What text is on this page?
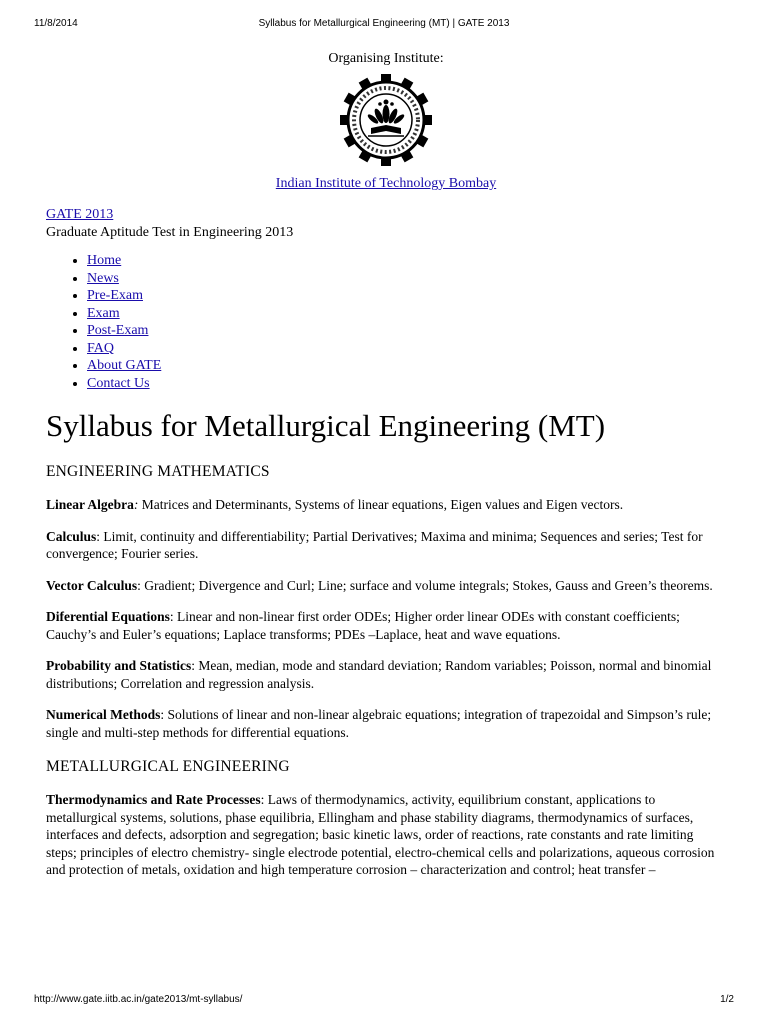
11/8/2014	Syllabus for Metallurgical Engineering (MT) | GATE 2013
Organising Institute:
Indian Institute of Technology Bombay
GATE 2013
Graduate Aptitude Test in Engineering 2013
• Home
• News
• Pre-Exam
• Exam
• Post-Exam
• FAQ
• About GATE
• Contact Us
Syllabus for Metallurgical Engineering (MT)
ENGINEERING MATHEMATICS

Linear Algebra: Matrices and Determinants, Systems of linear equations, Eigen values and Eigen vectors.

Calculus: Limit, continuity and differentiability; Partial Derivatives; Maxima and minima; Sequences and series; Test for convergence; Fourier series.

Vector Calculus: Gradient; Divergence and Curl; Line; surface and volume integrals; Stokes, Gauss and Green’s theorems.

Diferential Equations: Linear and non-linear first order ODEs; Higher order linear ODEs with constant coefficients; Cauchy’s and Euler’s equations; Laplace transforms; PDEs –Laplace, heat and wave equations.

Probability and Statistics: Mean, median, mode and standard deviation; Random variables; Poisson, normal and binomial distributions; Correlation and regression analysis.

Numerical Methods: Solutions of linear and non-linear algebraic equations; integration of trapezoidal and Simpson’s rule; single and multi-step methods for differential equations.

METALLURGICAL ENGINEERING

Thermodynamics and Rate Processes: Laws of thermodynamics, activity, equilibrium constant, applications to metallurgical systems, solutions, phase equilibria, Ellingham and phase stability diagrams, thermodynamics of surfaces, interfaces and defects, adsorption and segregation; basic kinetic laws, order of reactions, rate constants and rate limiting steps; principles of electro chemistry- single electrode potential, electro-chemical cells and polarizations, aqueous corrosion and protection of metals, oxidation and high temperature corrosion – characterization and control; heat transfer –

http://www.gate.iitb.ac.in/gate2013/mt-syllabus/	1/2
